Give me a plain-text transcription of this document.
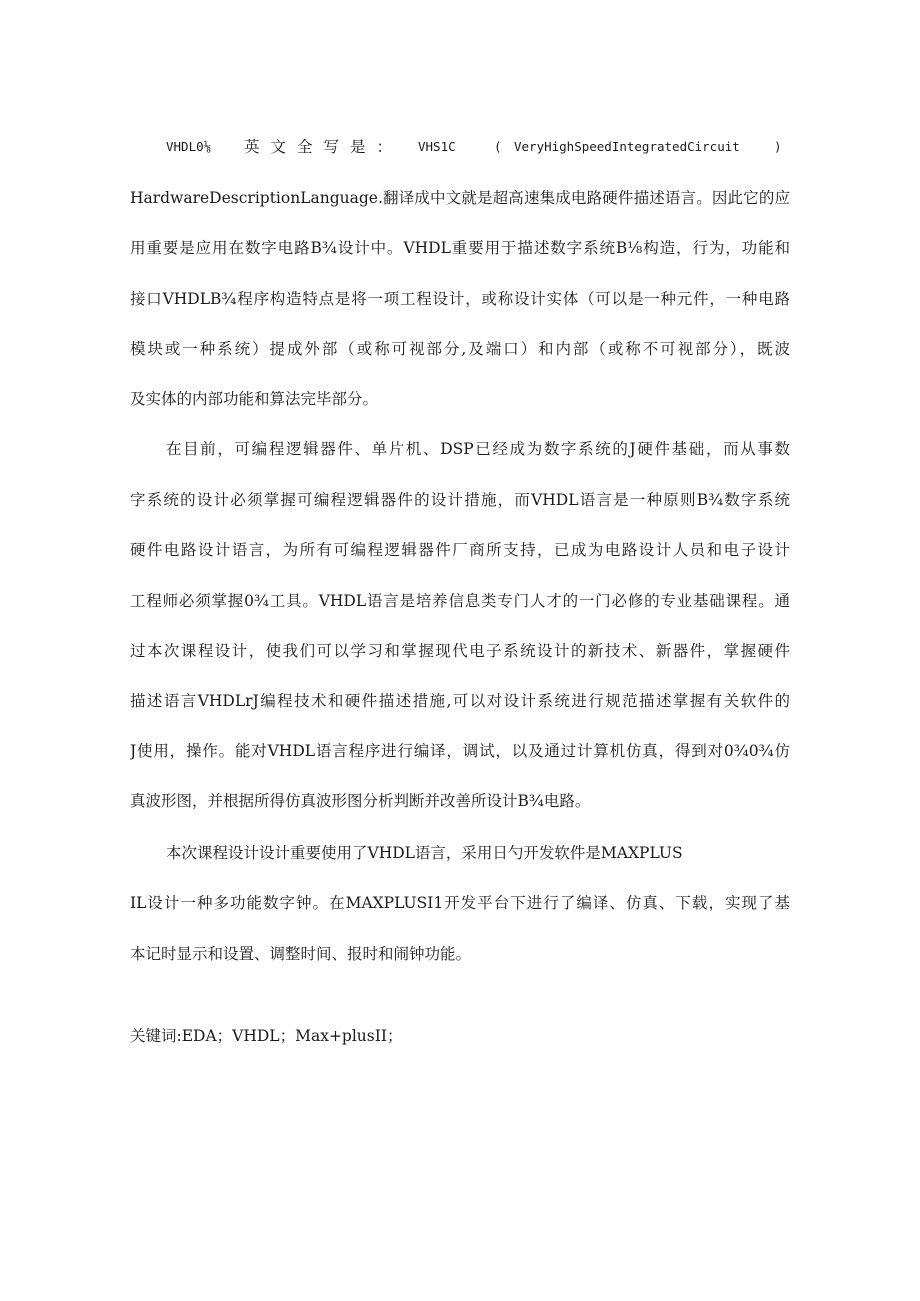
VHDL0⅛ 英文全写是： VHS1C	( VeryHighSpeedIntegratedCircuit	)
HardwareDescriptionLanguage.翻译成中文就是超高速集成电路硬件描述语言。因此它的应
用重要是应用在数字电路B¾设计中。VHDL重要用于描述数字系统B⅛构造，行为，功能和
接口VHDLB¾程序构造特点是将一项工程设计，或称设计实体（可以是一种元件，一种电路
模块或一种系统）提成外部（或称可视部分,及端口）和内部（或称不可视部分），既波
及实体的内部功能和算法完毕部分。
在目前，可编程逻辑器件、单片机、DSP已经成为数字系统的J硬件基础，而从事数
字系统的设计必须掌握可编程逻辑器件的设计措施，而VHDL语言是一种原则B¾数字系统
硬件电路设计语言，为所有可编程逻辑器件厂商所支持，已成为电路设计人员和电子设计
工程师必须掌握0¾工具。VHDL语言是培养信息类专门人才的一门必修的专业基础课程。通
过本次课程设计，使我们可以学习和掌握现代电子系统设计的新技术、新器件，掌握硬件
描述语言VHDLrJ编程技术和硬件描述措施,可以对设计系统进行规范描述掌握有关软件的
J使用，操作。能对VHDL语言程序进行编译，调试，以及通过计算机仿真，得到对0¾0¾仿
真波形图，并根据所得仿真波形图分析判断并改善所设计B¾电路。
本次课程设计设计重要使用了VHDL语言，采用日勺开发软件是MAXPLUS
IL设计一种多功能数字钟。在MAXPLUSI1开发平台下进行了编译、仿真、下载，实现了基
本记时显示和设置、调整时间、报时和闹钟功能。
关键词:EDA；VHDL；Max+plusII；
